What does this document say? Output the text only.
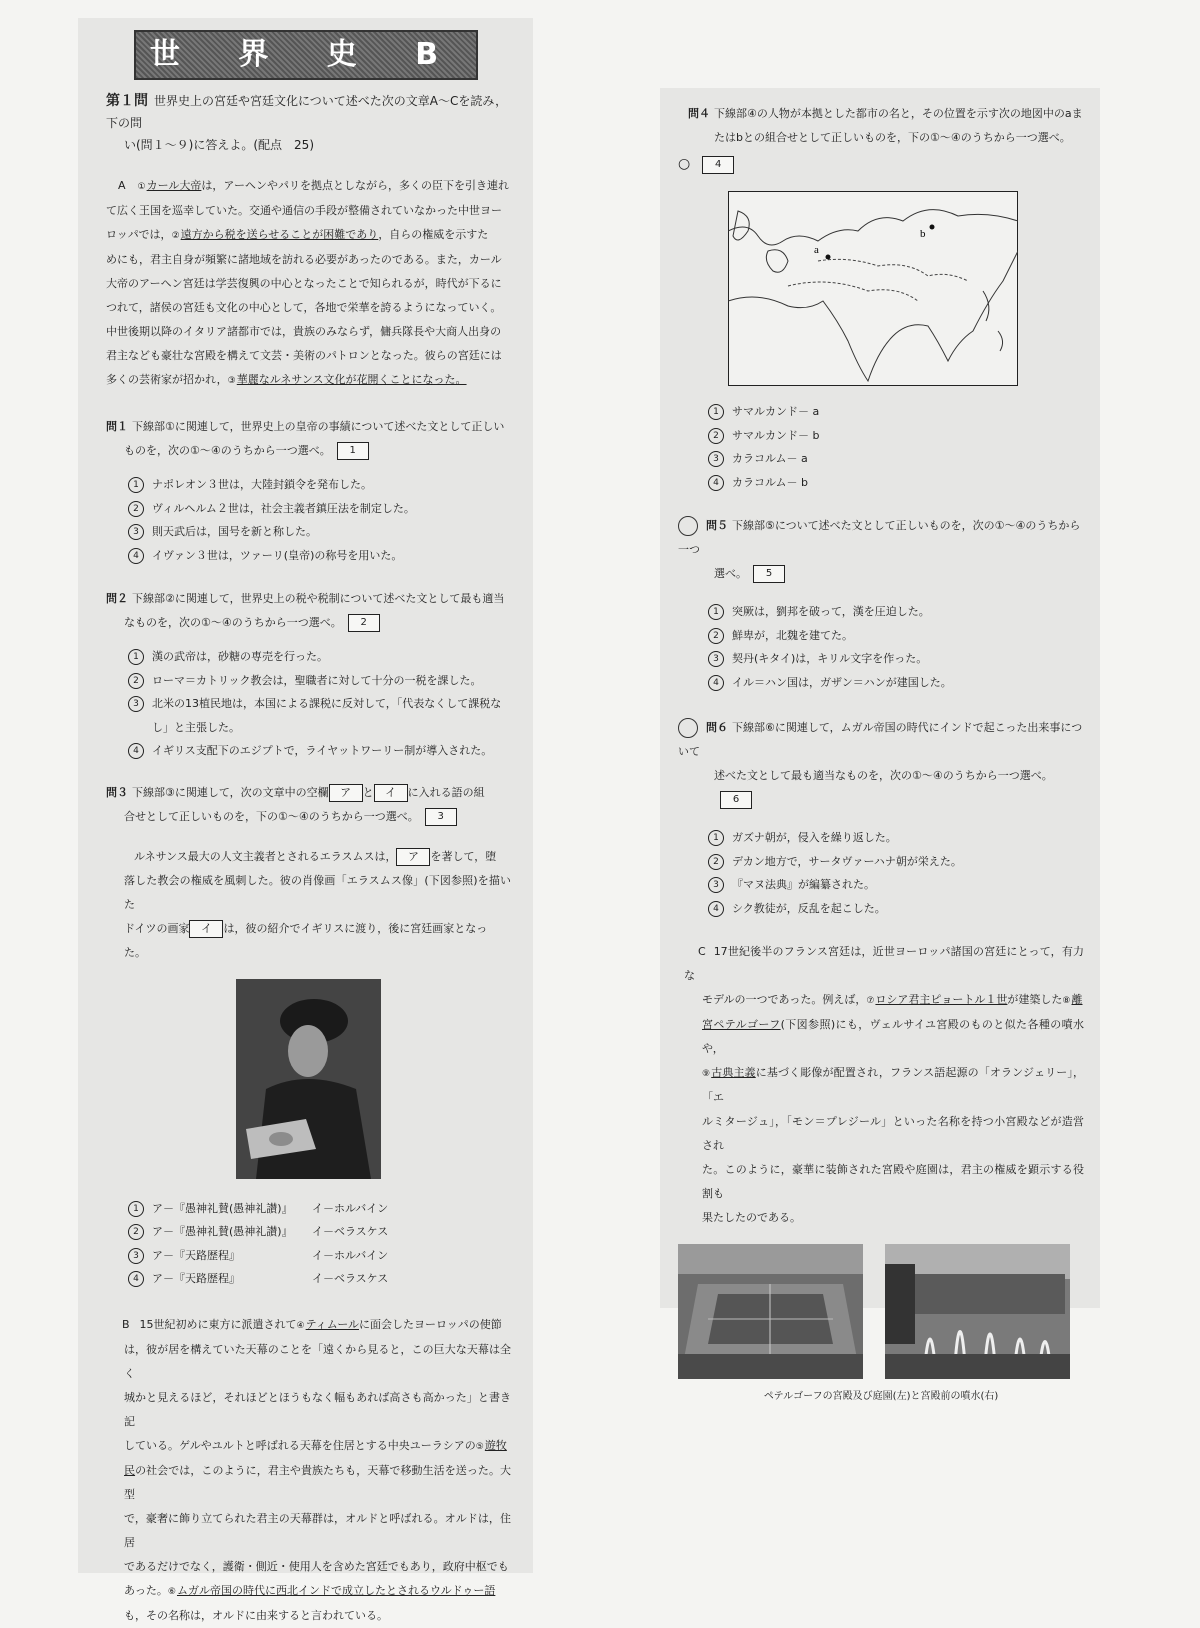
世 界 史 B
第１問 世界史上の宮廷や宮廷文化について述べた次の文章A～Cを読み，下の問
い(問１～９)に答えよ。(配点　25)
A ①カール大帝は，アーヘンやパリを拠点としながら，多くの臣下を引き連れ
て広く王国を巡幸していた。交通や通信の手段が整備されていなかった中世ヨー
ロッパでは，②遠方から税を送らせることが困難であり，自らの権威を示すた
めにも，君主自身が頻繁に諸地域を訪れる必要があったのである。また，カール
大帝のアーヘン宮廷は学芸復興の中心となったことで知られるが，時代が下るに
つれて，諸侯の宮廷も文化の中心として，各地で栄華を誇るようになっていく。
中世後期以降のイタリア諸都市では，貴族のみならず，傭兵隊長や大商人出身の
君主なども豪壮な宮殿を構えて文芸・美術のパトロンとなった。彼らの宮廷には
多くの芸術家が招かれ，③華麗なルネサンス文化が花開くことになった。
問１ 下線部①に関連して，世界史上の皇帝の事績について述べた文として正しい
ものを，次の①～④のうちから一つ選べ。 1
1	ナポレオン３世は，大陸封鎖令を発布した。
2	ヴィルヘルム２世は，社会主義者鎮圧法を制定した。
3	則天武后は，国号を新と称した。
4	イヴァン３世は，ツァーリ(皇帝)の称号を用いた。
問２ 下線部②に関連して，世界史上の税や税制について述べた文として最も適当
なものを，次の①～④のうちから一つ選べ。 2
1	漢の武帝は，砂糖の専売を行った。
2	ローマ＝カトリック教会は，聖職者に対して十分の一税を課した。
3	北米の13植民地は，本国による課税に反対して，「代表なくして課税な
し」と主張した。
4	イギリス支配下のエジプトで，ライヤットワーリー制が導入された。
問３ 下線部③に関連して，次の文章中の空欄 ア と イ に入れる語の組
合せとして正しいものを，下の①～④のうちから一つ選べ。 3
ルネサンス最大の人文主義者とされるエラスムスは， ア を著して，堕
落した教会の権威を風刺した。彼の肖像画「エラスムス像」(下図参照)を描いた
ドイツの画家 イ は，彼の紹介でイギリスに渡り，後に宮廷画家となっ
た。
1	ア－『愚神礼賛(愚神礼讃)』 イ－ホルバイン
2	ア－『愚神礼賛(愚神礼讃)』 イ－ベラスケス
3	ア－『天路歴程』	イ－ホルバイン
4	ア－『天路歴程』	イ－ベラスケス
B 15世紀初めに東方に派遣されて④ティムールに面会したヨーロッパの使節
は，彼が居を構えていた天幕のことを「遠くから見ると，この巨大な天幕は全く
城かと見えるほど，それほどとほうもなく幅もあれば高さも高かった」と書き記
している。ゲルやユルトと呼ばれる天幕を住居とする中央ユーラシアの⑤遊牧
民の社会では，このように，君主や貴族たちも，天幕で移動生活を送った。大型
で，豪奢に飾り立てられた君主の天幕群は，オルドと呼ばれる。オルドは，住居
であるだけでなく，護衛・側近・使用人を含めた宮廷でもあり，政府中枢でも
あった。⑥ムガル帝国の時代に西北インドで成立したとされるウルドゥー語
も，その名称は，オルドに由来すると言われている。
問４ 下線部④の人物が本拠とした都市の名と，その位置を示す次の地図中のaま
たはbとの組合せとして正しいものを，下の①～④のうちから一つ選べ。
○ 4
a
b
1	サマルカンド－ a
2	サマルカンド－ b
3	カラコルム－ a
4	カラコルム－ b
問５ 下線部⑤について述べた文として正しいものを，次の①～④のうちから一つ
選べ。 5
1	突厥は，劉邦を破って，漢を圧迫した。
2	鮮卑が，北魏を建てた。
3	契丹(キタイ)は，キリル文字を作った。
4	イル＝ハン国は，ガザン＝ハンが建国した。
問６ 下線部⑥に関連して，ムガル帝国の時代にインドで起こった出来事について
述べた文として最も適当なものを，次の①～④のうちから一つ選べ。6
1	ガズナ朝が，侵入を繰り返した。
2	デカン地方で，サータヴァーハナ朝が栄えた。
3	『マヌ法典』が編纂された。
4	シク教徒が，反乱を起こした。
C 17世紀後半のフランス宮廷は，近世ヨーロッパ諸国の宮廷にとって，有力な
モデルの一つであった。例えば，⑦ロシア君主ピョートル１世が建築した⑧離
宮ペテルゴーフ(下図参照)にも，ヴェルサイユ宮殿のものと似た各種の噴水や，
⑨古典主義に基づく彫像が配置され，フランス語起源の「オランジェリー」，「エ
ルミタージュ」，「モン＝プレジール」といった名称を持つ小宮殿などが造営され
た。このように，豪華に装飾された宮殿や庭園は，君主の権威を顕示する役割も
果たしたのである。
ペテルゴーフの宮殿及び庭園(左)と宮殿前の噴水(右)
